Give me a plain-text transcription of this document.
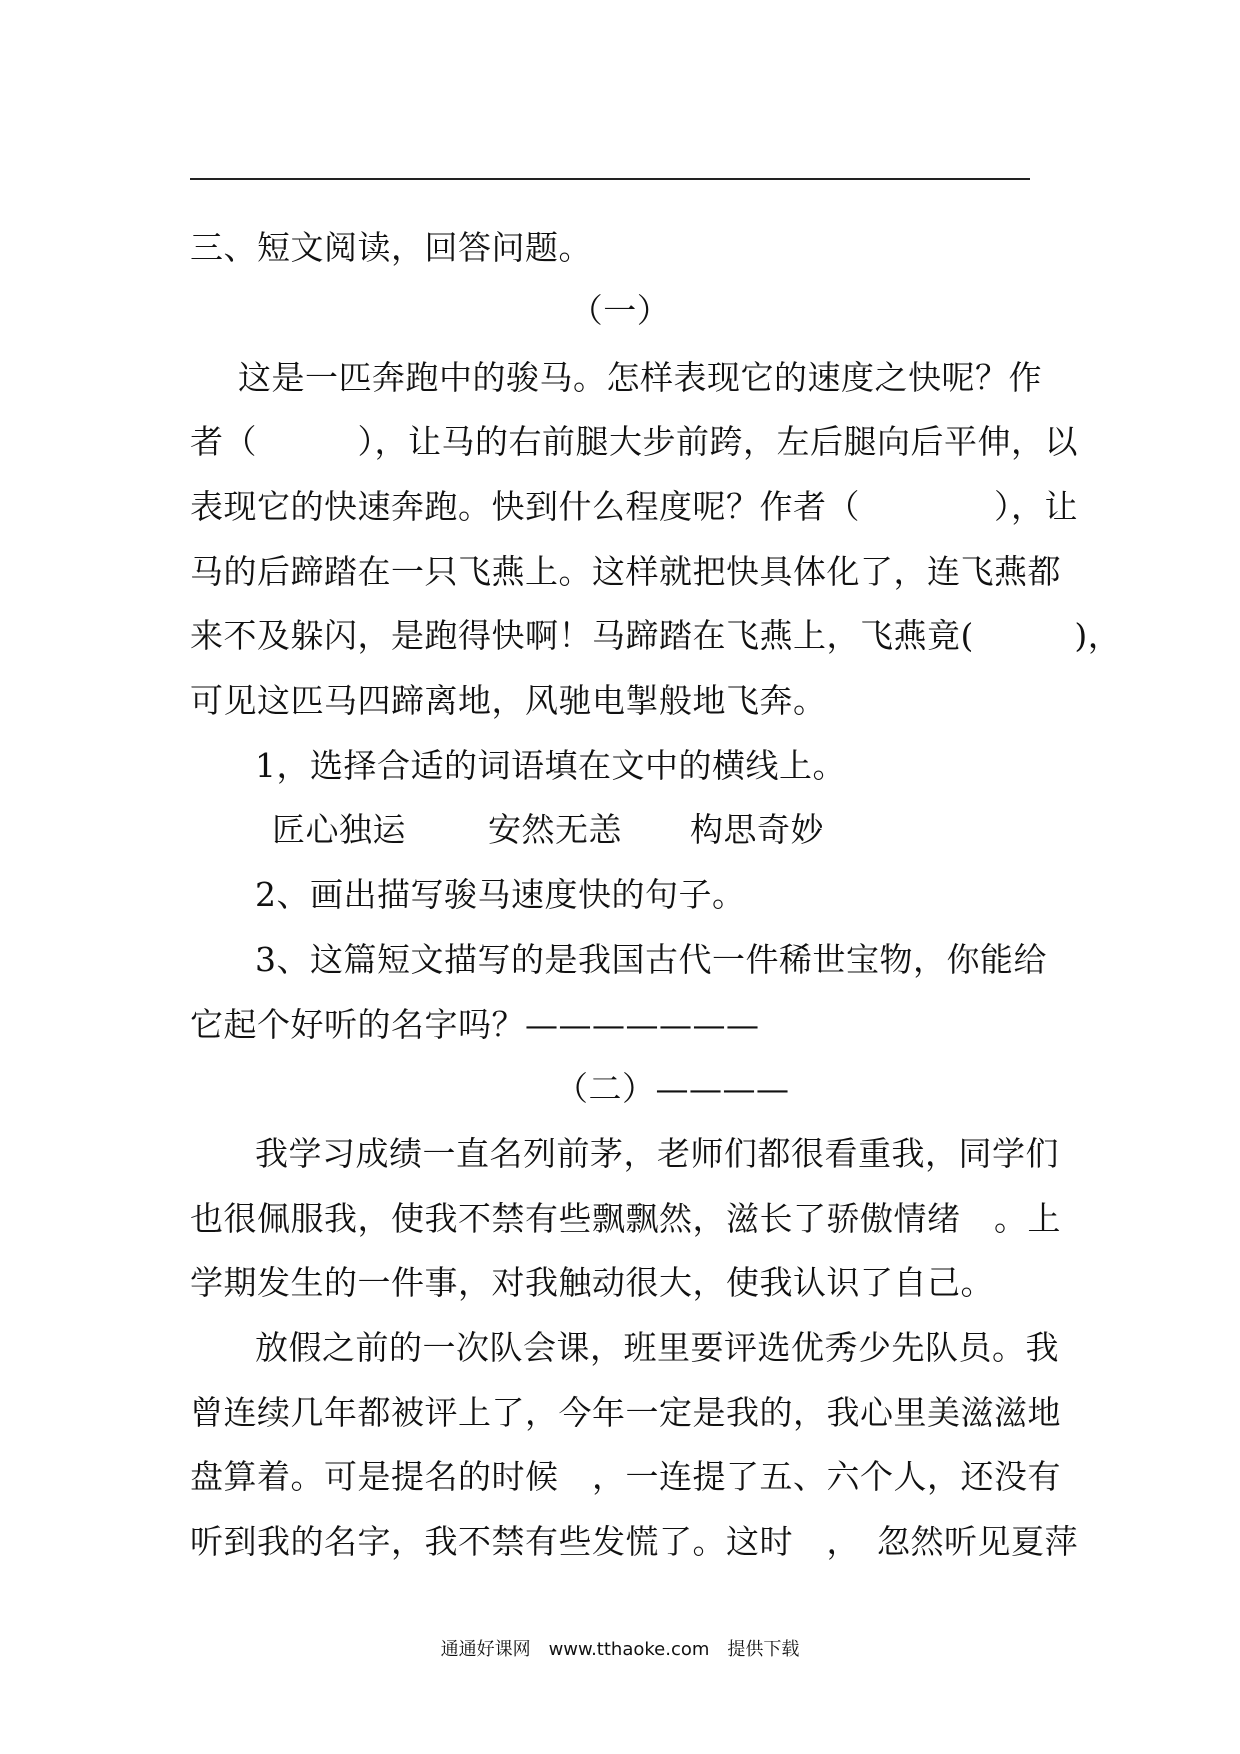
三、短文阅读，回答问题。
（一）
这是一匹奔跑中的骏马。怎样表现它的速度之快呢？作
者（　　　），让马的右前腿大步前跨，左后腿向后平伸，以
表现它的快速奔跑。快到什么程度呢？作者（　　　　），让
马的后蹄踏在一只飞燕上。这样就把快具体化了，连飞燕都
来不及躲闪，是跑得快啊！马蹄踏在飞燕上，飞燕竟(　　　)，
可见这匹马四蹄离地，风驰电掣般地飞奔。
1，选择合适的词语填在文中的横线上。
匠心独运 安然无恙 构思奇妙
2、画出描写骏马速度快的句子。
3、这篇短文描写的是我国古代一件稀世宝物，你能给
它起个好听的名字吗？———————
（二）————
我学习成绩一直名列前茅，老师们都很看重我，同学们
也很佩服我，使我不禁有些飘飘然，滋长了骄傲情绪　。上
学期发生的一件事，对我触动很大，使我认识了自己。
放假之前的一次队会课，班里要评选优秀少先队员。我
曾连续几年都被评上了，今年一定是我的，我心里美滋滋地
盘算着。可是提名的时候　，一连提了五、六个人，还没有
听到我的名字，我不禁有些发慌了。这时　，　忽然听见夏萍
通通好课网　www.tthaoke.com　提供下载
